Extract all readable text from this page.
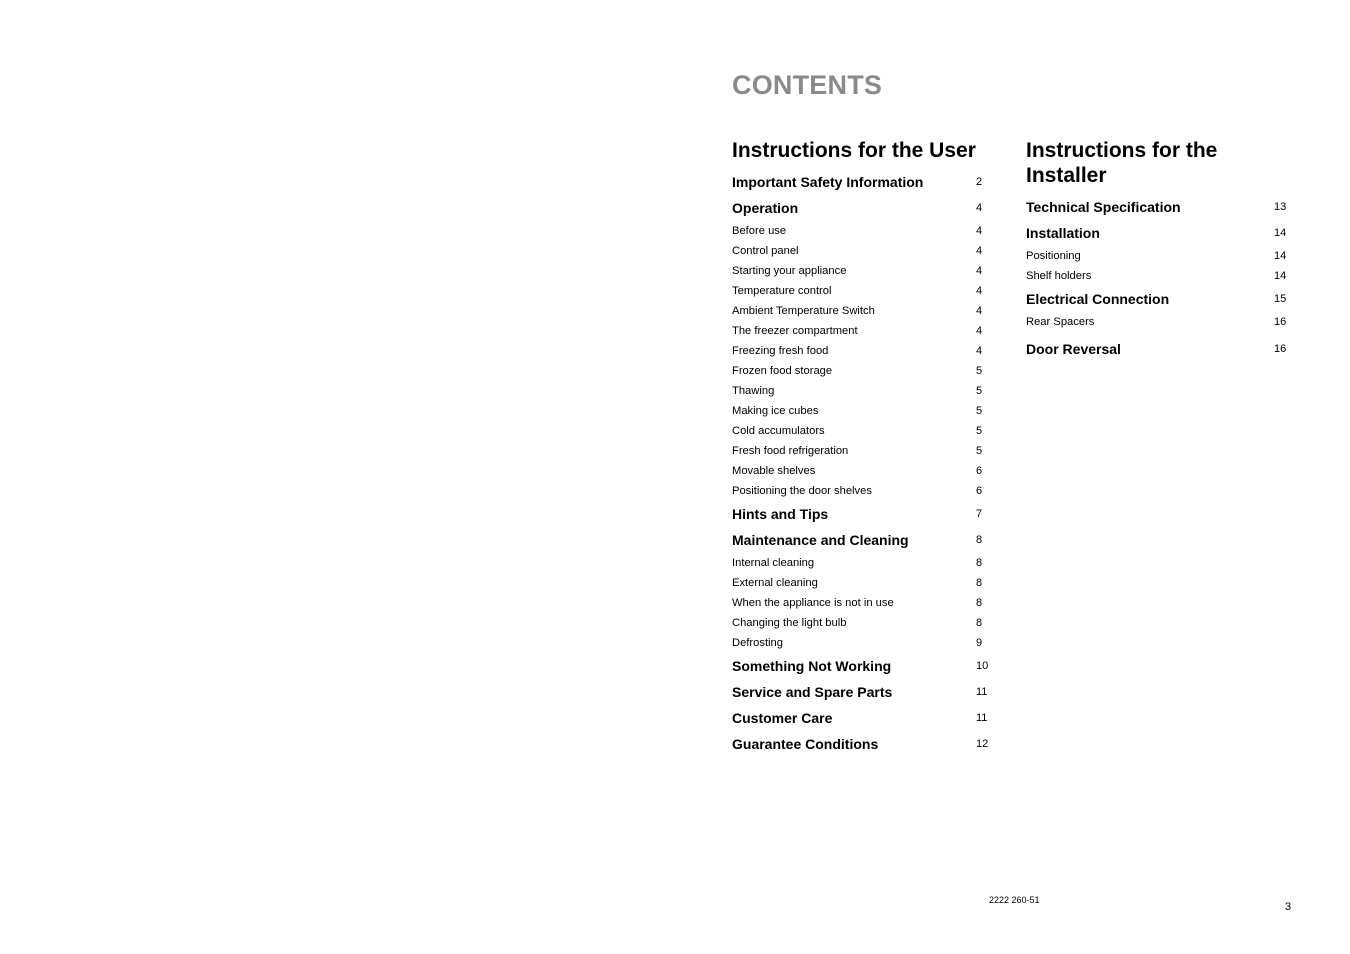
CONTENTS
Instructions for the User
Important Safety Information	2
Operation	4
Before use	4
Control panel	4
Starting your appliance	4
Temperature control	4
Ambient Temperature Switch	4
The freezer compartment	4
Freezing fresh food	4
Frozen food storage	5
Thawing	5
Making ice cubes	5
Cold accumulators	5
Fresh food refrigeration	5
Movable shelves	6
Positioning the door shelves	6
Hints and Tips	7
Maintenance and Cleaning	8
Internal cleaning	8
External cleaning	8
When the appliance is not in use	8
Changing the light bulb	8
Defrosting	9
Something Not Working	10
Service and Spare Parts	11
Customer Care	11
Guarantee Conditions	12
Instructions for the Installer
Technical Specification	13
Installation	14
Positioning	14
Shelf holders	14
Electrical Connection	15
Rear Spacers	16
Door Reversal	16
2222 260-51
3
